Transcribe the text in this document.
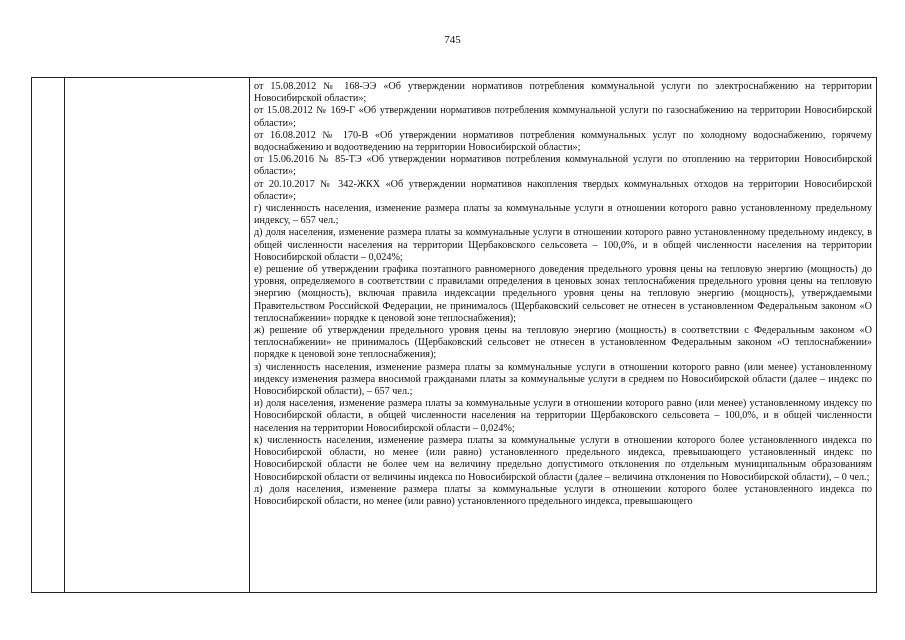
745

от 15.08.2012 № 168-ЭЭ «Об утверждении нормативов потребления коммунальной услуги по электроснабжению на территории Новосибирской области»;

от 15.08.2012 № 169-Г «Об утверждении нормативов потребления коммунальной услуги по газоснабжению на территории Новосибирской области»;

от 16.08.2012 № 170-В «Об утверждении нормативов потребления коммунальных услуг по холодному водоснабжению, горячему водоснабжению и водоотведению на территории Новосибирской области»;

от 15.06.2016 № 85-ТЭ «Об утверждении нормативов потребления коммунальной услуги по отоплению на территории Новосибирской области»;

от 20.10.2017 № 342-ЖКХ «Об утверждении нормативов накопления твердых коммунальных отходов на территории Новосибирской области»;

г) численность населения, изменение размера платы за коммунальные услуги в отношении которого равно установленному предельному индексу, – 657 чел.;

д) доля населения, изменение размера платы за коммунальные услуги в отношении которого равно установленному предельному индексу, в общей численности населения на территории Щербаковского сельсовета – 100,0%, и в общей численности населения на территории Новосибирской области – 0,024%;

е) решение об утверждении графика поэтапного равномерного доведения предельного уровня цены на тепловую энергию (мощность) до уровня, определяемого в соответствии с правилами определения в ценовых зонах теплоснабжения предельного уровня цены на тепловую энергию (мощность), включая правила индексации предельного уровня цены на тепловую энергию (мощность), утверждаемыми Правительством Российской Федерации, не принималось (Щербаковский сельсовет не отнесен в установленном Федеральным законом «О теплоснабжении» порядке к ценовой зоне теплоснабжения);

ж) решение об утверждении предельного уровня цены на тепловую энергию (мощность) в соответствии с Федеральным законом «О теплоснабжении» не принималось (Щербаковский сельсовет не отнесен в установленном Федеральным законом «О теплоснабжении» порядке к ценовой зоне теплоснабжения);

з) численность населения, изменение размера платы за коммунальные услуги в отношении которого равно (или менее) установленному индексу изменения размера вносимой гражданами платы за коммунальные услуги в среднем по Новосибирской области (далее – индекс по Новосибирской области), – 657 чел.;

и) доля населения, изменение размера платы за коммунальные услуги в отношении которого равно (или менее) установленному индексу по Новосибирской области, в общей численности населения на территории Щербаковского сельсовета – 100,0%, и в общей численности населения на территории Новосибирской области – 0,024%;

к) численность населения, изменение размера платы за коммунальные услуги в отношении которого более установленного индекса по Новосибирской области, но менее (или равно) установленного предельного индекса, превышающего установленный индекс по Новосибирской области не более чем на величину предельно допустимого отклонения по отдельным муниципальным образованиям Новосибирской области от величины индекса по Новосибирской области (далее – величина отклонения по Новосибирской области), – 0 чел.;

л) доля населения, изменение размера платы за коммунальные услуги в отношении которого более установленного индекса по Новосибирской области, но менее (или равно) установленного предельного индекса, превышающего
